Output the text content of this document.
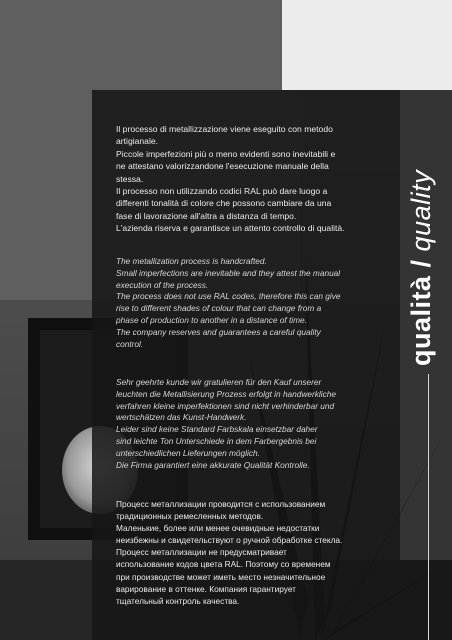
Il processo di metallizzazione viene eseguito con metodo
artigianale.
Piccole imperfezioni più o meno evidenti sono inevitabili e
ne attestano valorizzandone l'esecuzione manuale della
stessa.
Il processo non utilizzando codici RAL può dare luogo a
differenti tonalità di colore che possono cambiare da una
fase di lavorazione all'altra a distanza di tempo.
L'azienda riserva e garantisce un attento controllo di qualità.
The metallization process is handcrafted.
Small imperfections are inevitable and they attest the manual
execution of the process.
The process does not use RAL codes, therefore this can give
rise to different shades of colour that can change from a
phase of production to another in a distance of time.
The company reserves and guarantees a careful quality
control.
Sehr geehrte kunde wir gratulieren für den Kauf unserer
leuchten die Metallisierung Prozess erfolgt in handwerkliche
verfahren kleine imperfektionen sind nicht verhinderbar und
wertschätzen das Kunst-Handwerk.
Leider sind keine Standard Farbskala einsetzbar daher
sind leichte Ton Unterschiede in dem Farbergebnis bei
unterschiedlichen Lieferungen möglich.
Die Firma garantiert eine akkurate Qualität Kontrolle.
Процесс металлизации проводится с использованием
традиционных ремесленных методов.
Маленькие, более или менее очевидные недостатки
неизбежны и свидетельствуют о ручной обработке стекла.
Процесс металлизации не предусматривает
использование кодов цвета RAL. Поэтому со временем
при производстве может иметь место незначительное
варирование в оттенке. Компания гарантирует
тщательный контроль качества.
qualità / quality
